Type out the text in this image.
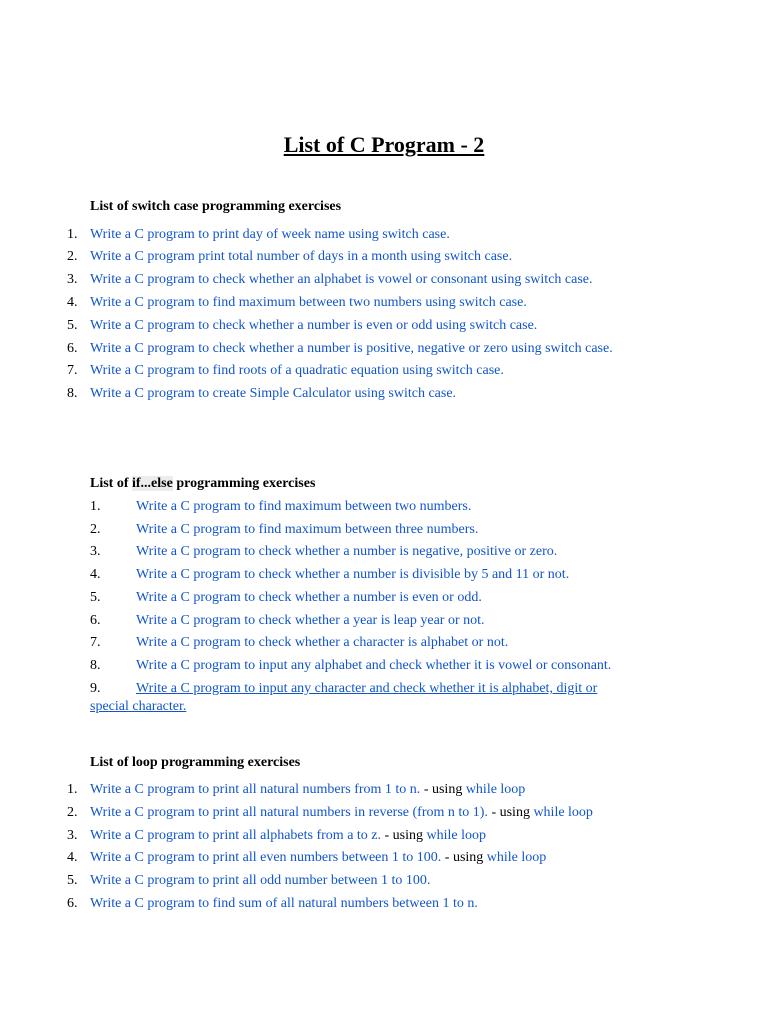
List of C Program - 2
List of switch case programming exercises
1. Write a C program to print day of week name using switch case.
2. Write a C program print total number of days in a month using switch case.
3. Write a C program to check whether an alphabet is vowel or consonant using switch case.
4. Write a C program to find maximum between two numbers using switch case.
5. Write a C program to check whether a number is even or odd using switch case.
6. Write a C program to check whether a number is positive, negative or zero using switch case.
7. Write a C program to find roots of a quadratic equation using switch case.
8. Write a C program to create Simple Calculator using switch case.
List of if...else programming exercises
1.	Write a C program to find maximum between two numbers.
2.	Write a C program to find maximum between three numbers.
3.	Write a C program to check whether a number is negative, positive or zero.
4.	Write a C program to check whether a number is divisible by 5 and 11 or not.
5.	Write a C program to check whether a number is even or odd.
6.	Write a C program to check whether a year is leap year or not.
7.	Write a C program to check whether a character is alphabet or not.
8.	Write a C program to input any alphabet and check whether it is vowel or consonant.
9.	Write a C program to input any character and check whether it is alphabet, digit or
special character.
List of loop programming exercises
1. Write a C program to print all natural numbers from 1 to n. - using while loop
2. Write a C program to print all natural numbers in reverse (from n to 1). - using while loop
3. Write a C program to print all alphabets from a to z. - using while loop
4. Write a C program to print all even numbers between 1 to 100. - using while loop
5. Write a C program to print all odd number between 1 to 100.
6. Write a C program to find sum of all natural numbers between 1 to n.
